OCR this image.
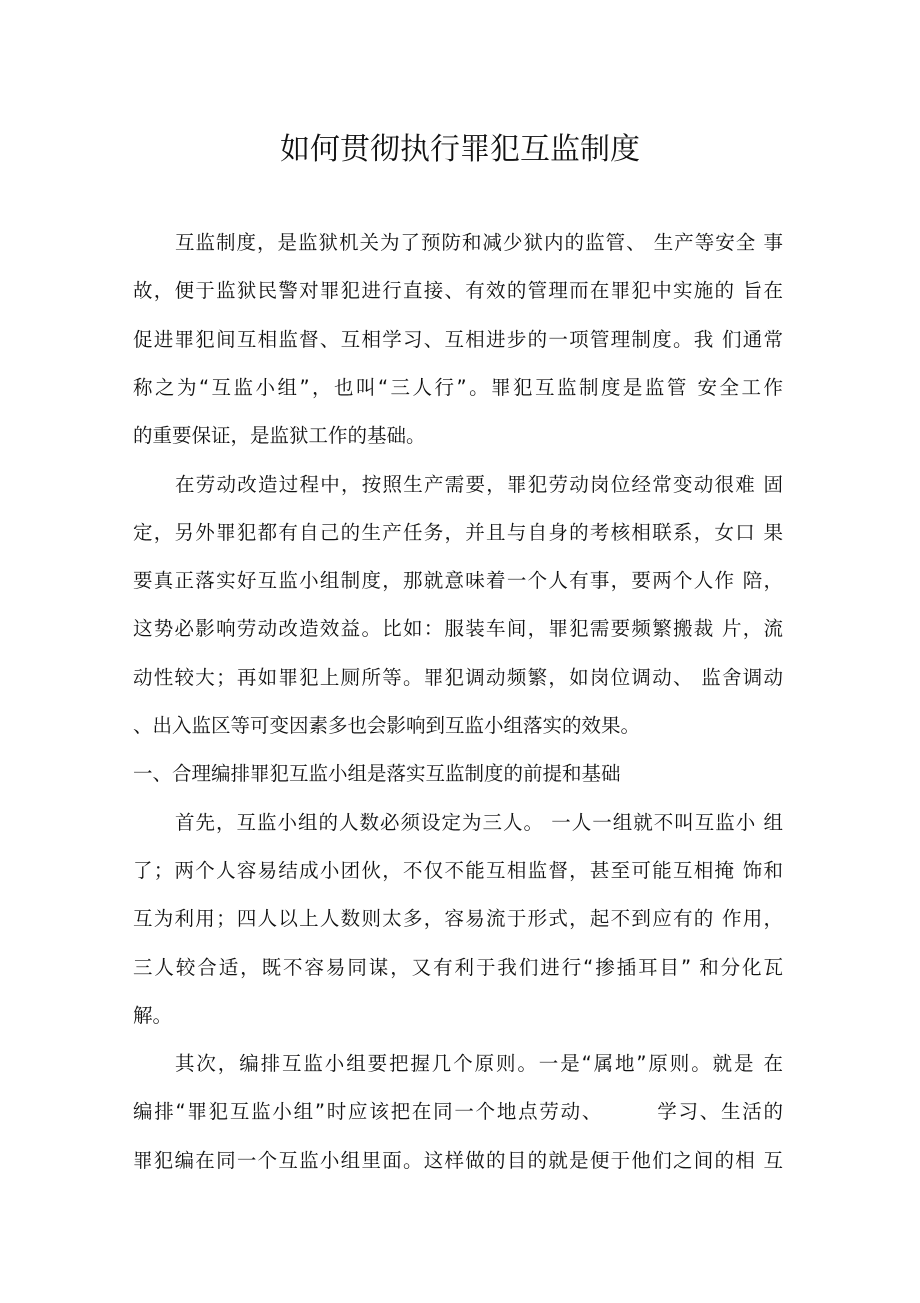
如何贯彻执行罪犯互监制度
互监制度，是监狱机关为了预防和减少狱内的监管、 生产等安全 事
故，便于监狱民警对罪犯进行直接、有效的管理而在罪犯中实施的 旨在
促进罪犯间互相监督、互相学习、互相进步的一项管理制度。我 们通常
称之为“互监小组”，也叫“三人行”。罪犯互监制度是监管 安全工作
的重要保证，是监狱工作的基础。
在劳动改造过程中，按照生产需要，罪犯劳动岗位经常变动很难 固
定，另外罪犯都有自己的生产任务，并且与自身的考核相联系，女口 果
要真正落实好互监小组制度，那就意味着一个人有事，要两个人作 陪，
这势必影响劳动改造效益。比如：服装车间，罪犯需要频繁搬裁 片，流
动性较大；再如罪犯上厕所等。罪犯调动频繁，如岗位调动、 监舍调动
、出入监区等可变因素多也会影响到互监小组落实的效果。
一、合理编排罪犯互监小组是落实互监制度的前提和基础
首先，互监小组的人数必须设定为三人。 一人一组就不叫互监小 组
了；两个人容易结成小团伙，不仅不能互相监督，甚至可能互相掩 饰和
互为利用；四人以上人数则太多，容易流于形式，起不到应有的 作用，
三人较合适，既不容易同谋，又有利于我们进行“掺插耳目” 和分化瓦
解。
其次，编排互监小组要把握几个原则。一是“属地”原则。就是 在
编排“罪犯互监小组”时应该把在同一个地点劳动、　　　学习、生活的
罪犯编在同一个互监小组里面。这样做的目的就是便于他们之间的相 互
